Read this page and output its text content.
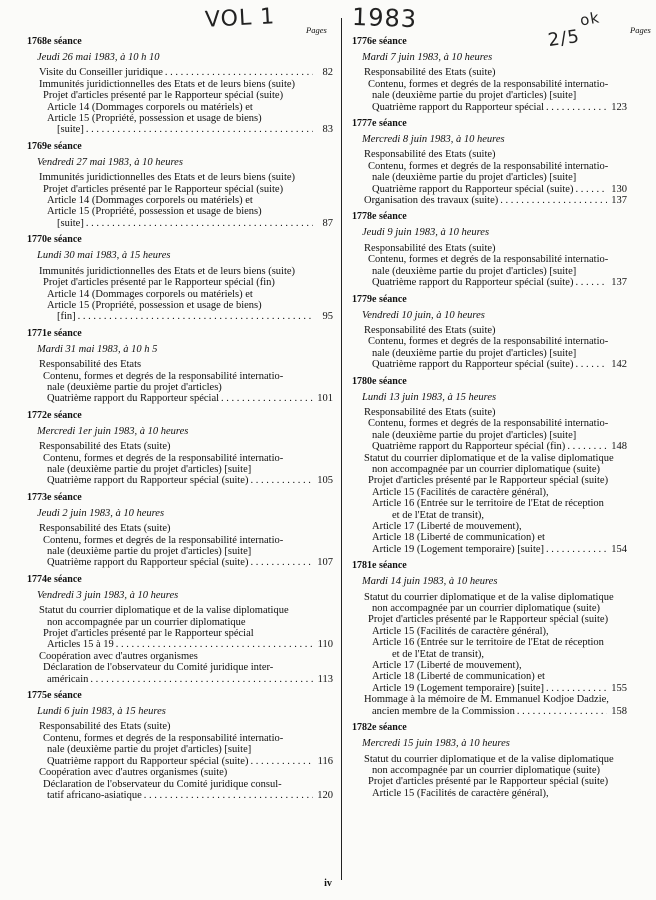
VOL 1	1983
2/5
ok
Pages	Pages
1768e séance
Jeudi 26 mai 1983, à 10 h 10
Visite du Conseiller juridique . . .	82
Immunités juridictionnelles des Etats et de leurs biens (suite)
Projet d'articles présenté par le Rapporteur spécial (suite)
Article 14 (Dommages corporels ou matériels) et
Article 15 (Propriété, possession et usage de biens)
[suite] . . .	83
1769e séance
Vendredi 27 mai 1983, à 10 heures
Immunités juridictionnelles des Etats et de leurs biens (suite)
Projet d'articles présenté par le Rapporteur spécial (suite)
Article 14 (Dommages corporels ou matériels) et
Article 15 (Propriété, possession et usage de biens)
[suite] . . .	87
1770e séance
Lundi 30 mai 1983, à 15 heures
Immunités juridictionnelles des Etats et de leurs biens (suite)
Projet d'articles présenté par le Rapporteur spécial (fin)
Article 14 (Dommages corporels ou matériels) et
Article 15 (Propriété, possession et usage de biens)
[fin] . . .	95
1771e séance
Mardi 31 mai 1983, à 10 h 5
Responsabilité des Etats
Contenu, formes et degrés de la responsabilité internatio-
nale (deuxième partie du projet d'articles)
Quatrième rapport du Rapporteur spécial . . .	101
1772e séance
Mercredi 1er juin 1983, à 10 heures
Responsabilité des Etats (suite)
Contenu, formes et degrés de la responsabilité internatio-
nale (deuxième partie du projet d'articles) [suite]
Quatrième rapport du Rapporteur spécial (suite) . . .	105
1773e séance
Jeudi 2 juin 1983, à 10 heures
Responsabilité des Etats (suite)
Contenu, formes et degrés de la responsabilité internatio-
nale (deuxième partie du projet d'articles) [suite]
Quatrième rapport du Rapporteur spécial (suite) . . .	107
1774e séance
Vendredi 3 juin 1983, à 10 heures
Statut du courrier diplomatique et de la valise diplomatique
non accompagnée par un courrier diplomatique
Projet d'articles présenté par le Rapporteur spécial
Articles 15 à 19 . . .	110
Coopération avec d'autres organismes
Déclaration de l'observateur du Comité juridique inter-
américain . . .	113
1775e séance
Lundi 6 juin 1983, à 15 heures
Responsabilité des Etats (suite)
Contenu, formes et degrés de la responsabilité internatio-
nale (deuxième partie du projet d'articles) [suite]
Quatrième rapport du Rapporteur spécial (suite) . . .	116
Coopération avec d'autres organismes (suite)
Déclaration de l'observateur du Comité juridique consul-
tatif africano-asiatique . . .	120
1776e séance
Mardi 7 juin 1983, à 10 heures
Responsabilité des Etats (suite)
Contenu, formes et degrés de la responsabilité internatio-
nale (deuxième partie du projet d'articles) [suite]
Quatrième rapport du Rapporteur spécial . . .	123
1777e séance
Mercredi 8 juin 1983, à 10 heures
Responsabilité des Etats (suite)
Contenu, formes et degrés de la responsabilité internatio-
nale (deuxième partie du projet d'articles) [suite]
Quatrième rapport du Rapporteur spécial (suite) . . .	130
Organisation des travaux (suite) . . .	137
1778e séance
Jeudi 9 juin 1983, à 10 heures
Responsabilité des Etats (suite)
Contenu, formes et degrés de la responsabilité internatio-
nale (deuxième partie du projet d'articles) [suite]
Quatrième rapport du Rapporteur spécial (suite) . . .	137
1779e séance
Vendredi 10 juin, à 10 heures
Responsabilité des Etats (suite)
Contenu, formes et degrés de la responsabilité internatio-
nale (deuxième partie du projet d'articles) [suite]
Quatrième rapport du Rapporteur spécial (suite) . . .	142
1780e séance
Lundi 13 juin 1983, à 15 heures
Responsabilité des Etats (suite)
Contenu, formes et degrés de la responsabilité internatio-
nale (deuxième partie du projet d'articles) [suite]
Quatrième rapport du Rapporteur spécial (fin) . . .	148
Statut du courrier diplomatique et de la valise diplomatique
non accompagnée par un courrier diplomatique (suite)
Projet d'articles présenté par le Rapporteur spécial (suite)
Article 15 (Facilités de caractère général),
Article 16 (Entrée sur le territoire de l'Etat de réception
et de l'Etat de transit),
Article 17 (Liberté de mouvement),
Article 18 (Liberté de communication) et
Article 19 (Logement temporaire) [suite] . . .	154
1781e séance
Mardi 14 juin 1983, à 10 heures
Statut du courrier diplomatique et de la valise diplomatique
non accompagnée par un courrier diplomatique (suite)
Projet d'articles présenté par le Rapporteur spécial (suite)
Article 15 (Facilités de caractère général),
Article 16 (Entrée sur le territoire de l'Etat de réception
et de l'Etat de transit),
Article 17 (Liberté de mouvement),
Article 18 (Liberté de communication) et
Article 19 (Logement temporaire) [suite] . . .	155
Hommage à la mémoire de M. Emmanuel Kodjoe Dadzie,
ancien membre de la Commission . . .	158
1782e séance
Mercredi 15 juin 1983, à 10 heures
Statut du courrier diplomatique et de la valise diplomatique
non accompagnée par un courrier diplomatique (suite)
Projet d'articles présenté par le Rapporteur spécial (suite)
Article 15 (Facilités de caractère général),
iv
